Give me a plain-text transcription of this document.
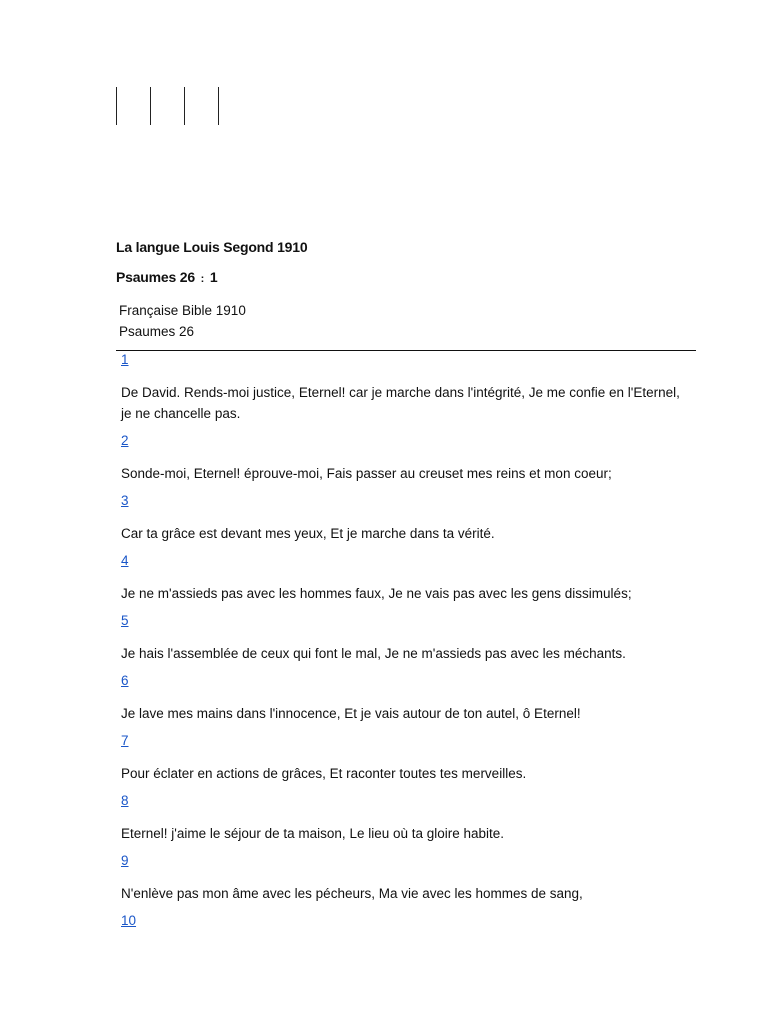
La langue Louis Segond 1910
Psaumes 26 : 1
Française Bible 1910
Psaumes 26
1

De David. Rends-moi justice, Eternel! car je marche dans l'intégrité, Je me confie en l'Eternel, je ne chancelle pas.

2

Sonde-moi, Eternel! éprouve-moi, Fais passer au creuset mes reins et mon coeur;

3

Car ta grâce est devant mes yeux, Et je marche dans ta vérité.

4

Je ne m'assieds pas avec les hommes faux, Je ne vais pas avec les gens dissimulés;

5

Je hais l'assemblée de ceux qui font le mal, Je ne m'assieds pas avec les méchants.

6

Je lave mes mains dans l'innocence, Et je vais autour de ton autel, ô Eternel!

7

Pour éclater en actions de grâces, Et raconter toutes tes merveilles.

8

Eternel! j'aime le séjour de ta maison, Le lieu où ta gloire habite.

9

N'enlève pas mon âme avec les pécheurs, Ma vie avec les hommes de sang,

10
